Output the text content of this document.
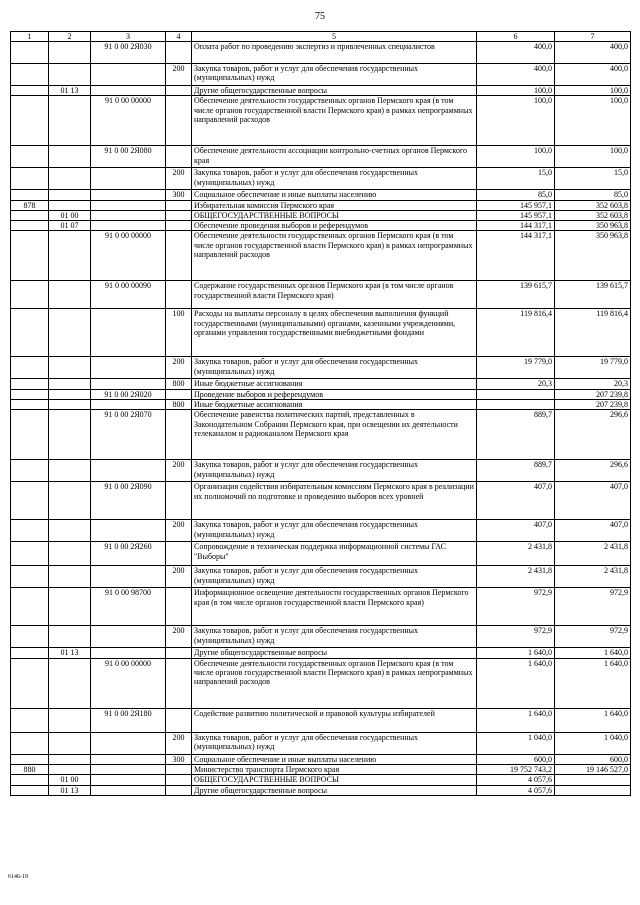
75
1	2	3	4	5	6	7
		91 0 00 2Я030		Оплата работ по проведению экспертиз и привлеченных специалистов	400,0	400,0
			200	Закупка товаров, работ и услуг для обеспечения государственных (муниципальных) нужд	400,0	400,0
	01 13			Другие общегосударственные вопросы	100,0	100,0
		91 0 00 00000		Обеспечение деятельности государственных органов Пермского края (в том числе органов государственной власти Пермского края) в рамках непрограммных направлений расходов	100,0	100,0
		91 0 00 2Я080		Обеспечение деятельности ассоциации контрольно-счетных органов Пермского края	100,0	100,0
			200	Закупка товаров, работ и услуг для обеспечения государственных (муниципальных) нужд	15,0	15,0
			300	Социальное обеспечение и иные выплаты населению	85,0	85,0
878				Избирательная комиссия Пермского края	145 957,1	352 603,8
	01 00			ОБЩЕГОСУДАРСТВЕННЫЕ ВОПРОСЫ	145 957,1	352 603,8
	01 07			Обеспечение проведения выборов и референдумов	144 317,1	350 963,8
		91 0 00 00000		Обеспечение деятельности государственных органов Пермского края (в том числе органов государственной власти Пермского края) в рамках непрограммных направлений расходов	144 317,1	350 963,8
		91 0 00 00090		Содержание государственных органов Пермского края (в том числе органов государственной власти Пермского края)	139 615,7	139 615,7
			100	Расходы на выплаты персоналу в целях обеспечения выполнения функций государственными (муниципальными) органами, казенными учреждениями, органами управления государственными внебюджетными фондами	119 816,4	119 816,4
			200	Закупка товаров, работ и услуг для обеспечения государственных (муниципальных) нужд	19 779,0	19 779,0
			800	Иные бюджетные ассигнования	20,3	20,3
		91 0 00 2Я020		Проведение выборов и референдумов		207 239,8
			800	Иные бюджетные ассигнования		207 239,8
		91 0 00 2Я070		Обеспечение равенства политических партий, представленных в Законодательном Собрании Пермского края, при освещении их деятельности телеканалом и радиоканалом Пермского края	889,7	296,6
			200	Закупка товаров, работ и услуг для обеспечения государственных (муниципальных) нужд	889,7	296,6
		91 0 00 2Я090		Организация содействия избирательным комиссиям Пермского края в реализации их полномочий по подготовке и проведению выборов всех уровней	407,0	407,0
			200	Закупка товаров, работ и услуг для обеспечения государственных (муниципальных) нужд	407,0	407,0
		91 0 00 2Я260		Сопровождение и техническая поддержка информационной системы ГАС "Выборы"	2 431,8	2 431,8
			200	Закупка товаров, работ и услуг для обеспечения государственных (муниципальных) нужд	2 431,8	2 431,8
		91 0 00 98700		Информационное освещение деятельности государственных органов Пермского края (в том числе органов государственной власти Пермского края)	972,9	972,9
			200	Закупка товаров, работ и услуг для обеспечения государственных (муниципальных) нужд	972,9	972,9
	01 13			Другие общегосударственные вопросы	1 640,0	1 640,0
		91 0 00 00000		Обеспечение деятельности государственных органов Пермского края (в том числе органов государственной власти Пермского края) в рамках непрограммных направлений расходов	1 640,0	1 640,0
		91 0 00 2Я180		Содействие развитию политической и правовой культуры избирателей	1 640,0	1 640,0
			200	Закупка товаров, работ и услуг для обеспечения государственных (муниципальных) нужд	1 040,0	1 040,0
			300	Социальное обеспечение и иные выплаты населению	600,0	600,0
880				Министерство транспорта Пермского края	19 752 743,2	19 146 527,0
	01 00			ОБЩЕГОСУДАРСТВЕННЫЕ ВОПРОСЫ	4 057,6	
	01 13			Другие общегосударственные вопросы	4 057,6	
6146-19
